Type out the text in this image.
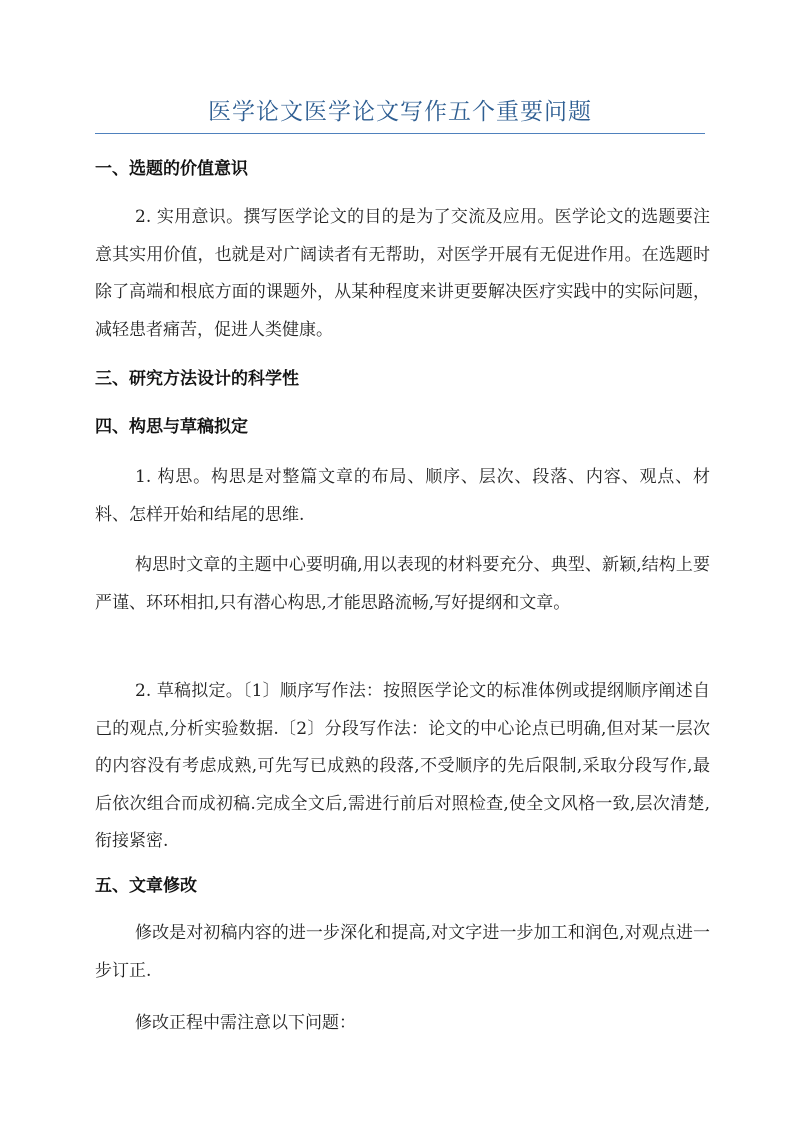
医学论文医学论文写作五个重要问题
一、选题的价值意识
2. 实用意识。撰写医学论文的目的是为了交流及应用。医学论文的选题要注意其实用价值，也就是对广阔读者有无帮助，对医学开展有无促进作用。在选题时除了高端和根底方面的课题外，从某种程度来讲更要解决医疗实践中的实际问题，减轻患者痛苦，促进人类健康。
三、研究方法设计的科学性
四、构思与草稿拟定
1. 构思。构思是对整篇文章的布局、顺序、层次、段落、内容、观点、材料、怎样开始和结尾的思维.
构思时文章的主题中心要明确,用以表现的材料要充分、典型、新颖,结构上要严谨、环环相扣,只有潜心构思,才能思路流畅,写好提纲和文章。
2. 草稿拟定。〔1〕顺序写作法：按照医学论文的标准体例或提纲顺序阐述自己的观点,分析实验数据.〔2〕分段写作法：论文的中心论点已明确,但对某一层次的内容没有考虑成熟,可先写已成熟的段落,不受顺序的先后限制,采取分段写作,最后依次组合而成初稿.完成全文后,需进行前后对照检查,使全文风格一致,层次清楚,衔接紧密.
五、文章修改
修改是对初稿内容的进一步深化和提高,对文字进一步加工和润色,对观点进一步订正.
修改正程中需注意以下问题：
